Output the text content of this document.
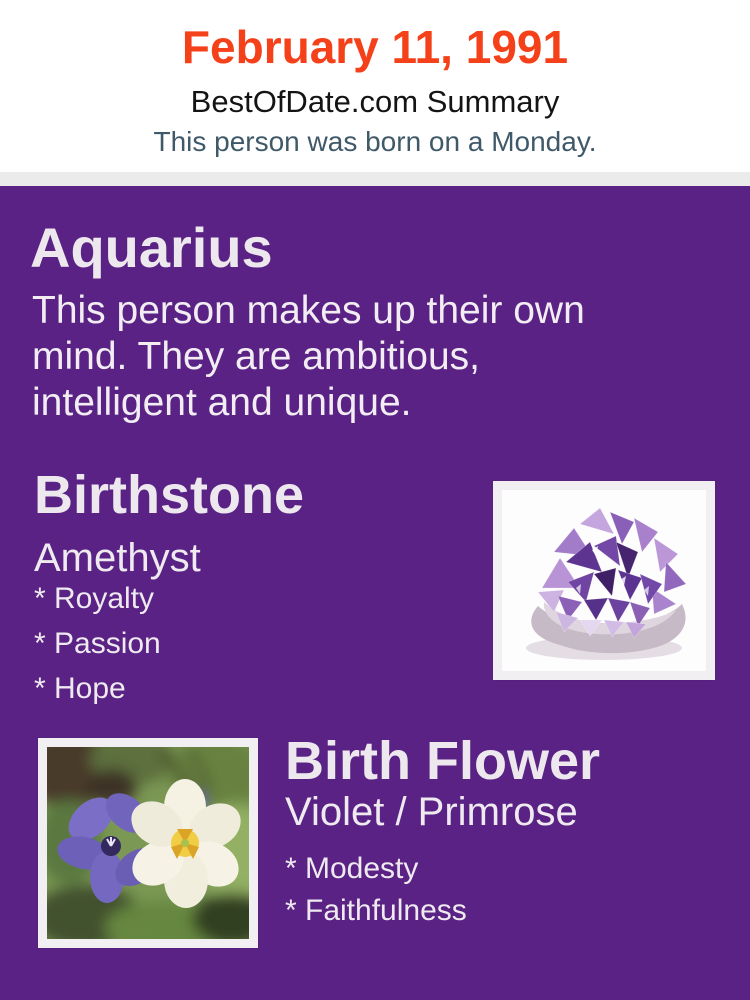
February 11, 1991
BestOfDate.com Summary
This person was born on a Monday.
Aquarius
This person makes up their own
mind. They are ambitious,
intelligent and unique.
Birthstone
Amethyst
* Royalty
* Passion
* Hope
Birth Flower
Violet / Primrose
* Modesty
* Faithfulness
